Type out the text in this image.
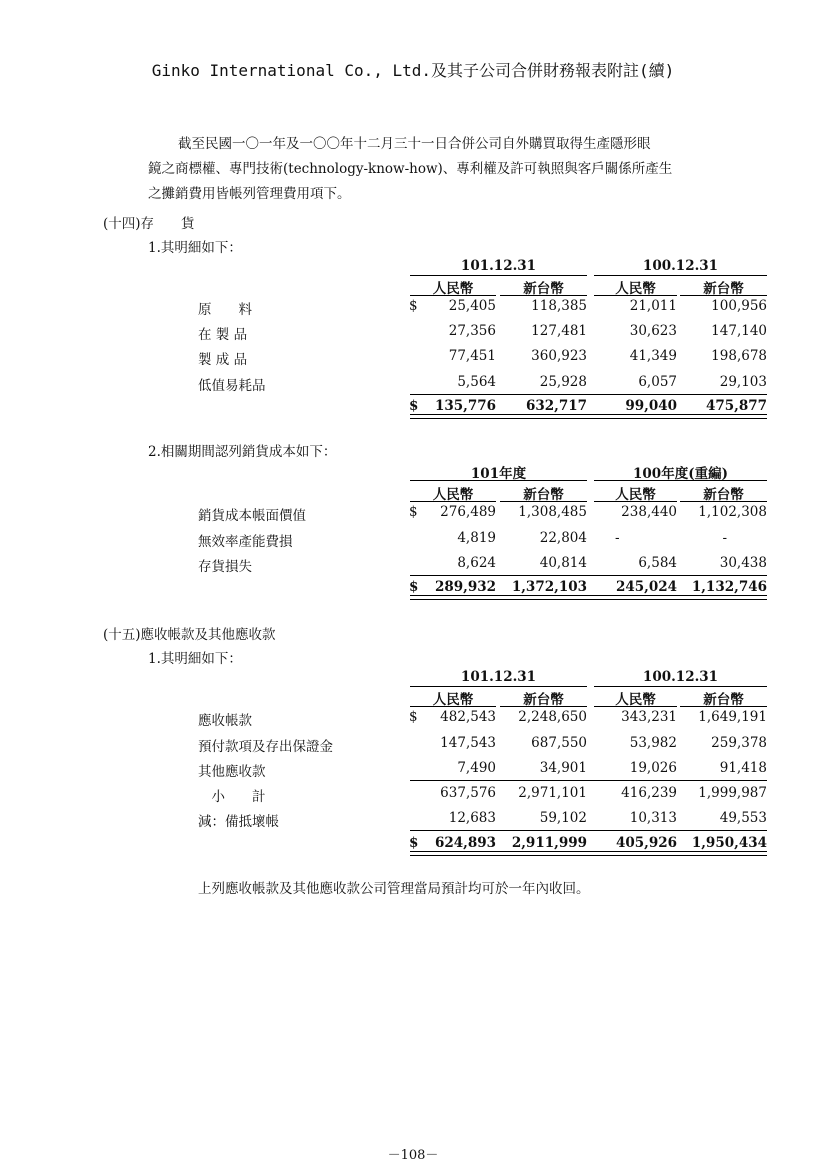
Ginko International Co., Ltd.及其子公司合併財務報表附註(續)
截至民國一〇一年及一〇〇年十二月三十一日合併公司自外購買取得生產隱形眼
鏡之商標權、專門技術(technology-know-how)、專利權及許可執照與客戶關係所產生
之攤銷費用皆帳列管理費用項下。
(十四)存　　貨
1.其明細如下：
101.12.31	100.12.31
人民幣	新台幣	人民幣	新台幣
原　　料	$	25,405	118,385	21,011	100,956
在 製 品	27,356	127,481	30,623	147,140
製 成 品	77,451	360,923	41,349	198,678
低值易耗品	5,564	25,928	6,057	29,103
$	135,776	632,717	99,040	475,877
2.相關期間認列銷貨成本如下：
101年度	100年度(重編)
人民幣	新台幣	人民幣	新台幣
銷貨成本帳面價值	$	276,489	1,308,485	238,440	1,102,308
無效率產能費損	4,819	22,804	-	-
存貨損失	8,624	40,814	6,584	30,438
$	289,932	1,372,103	245,024	1,132,746
(十五)應收帳款及其他應收款
1.其明細如下：
101.12.31	100.12.31
人民幣	新台幣	人民幣	新台幣
應收帳款	$	482,543	2,248,650	343,231	1,649,191
預付款項及存出保證金	147,543	687,550	53,982	259,378
其他應收款	7,490	34,901	19,026	91,418
　小　　計	637,576	2,971,101	416,239	1,999,987
減：備抵壞帳	12,683	59,102	10,313	49,553
$	624,893	2,911,999	405,926	1,950,434
上列應收帳款及其他應收款公司管理當局預計均可於一年內收回。
－108－
